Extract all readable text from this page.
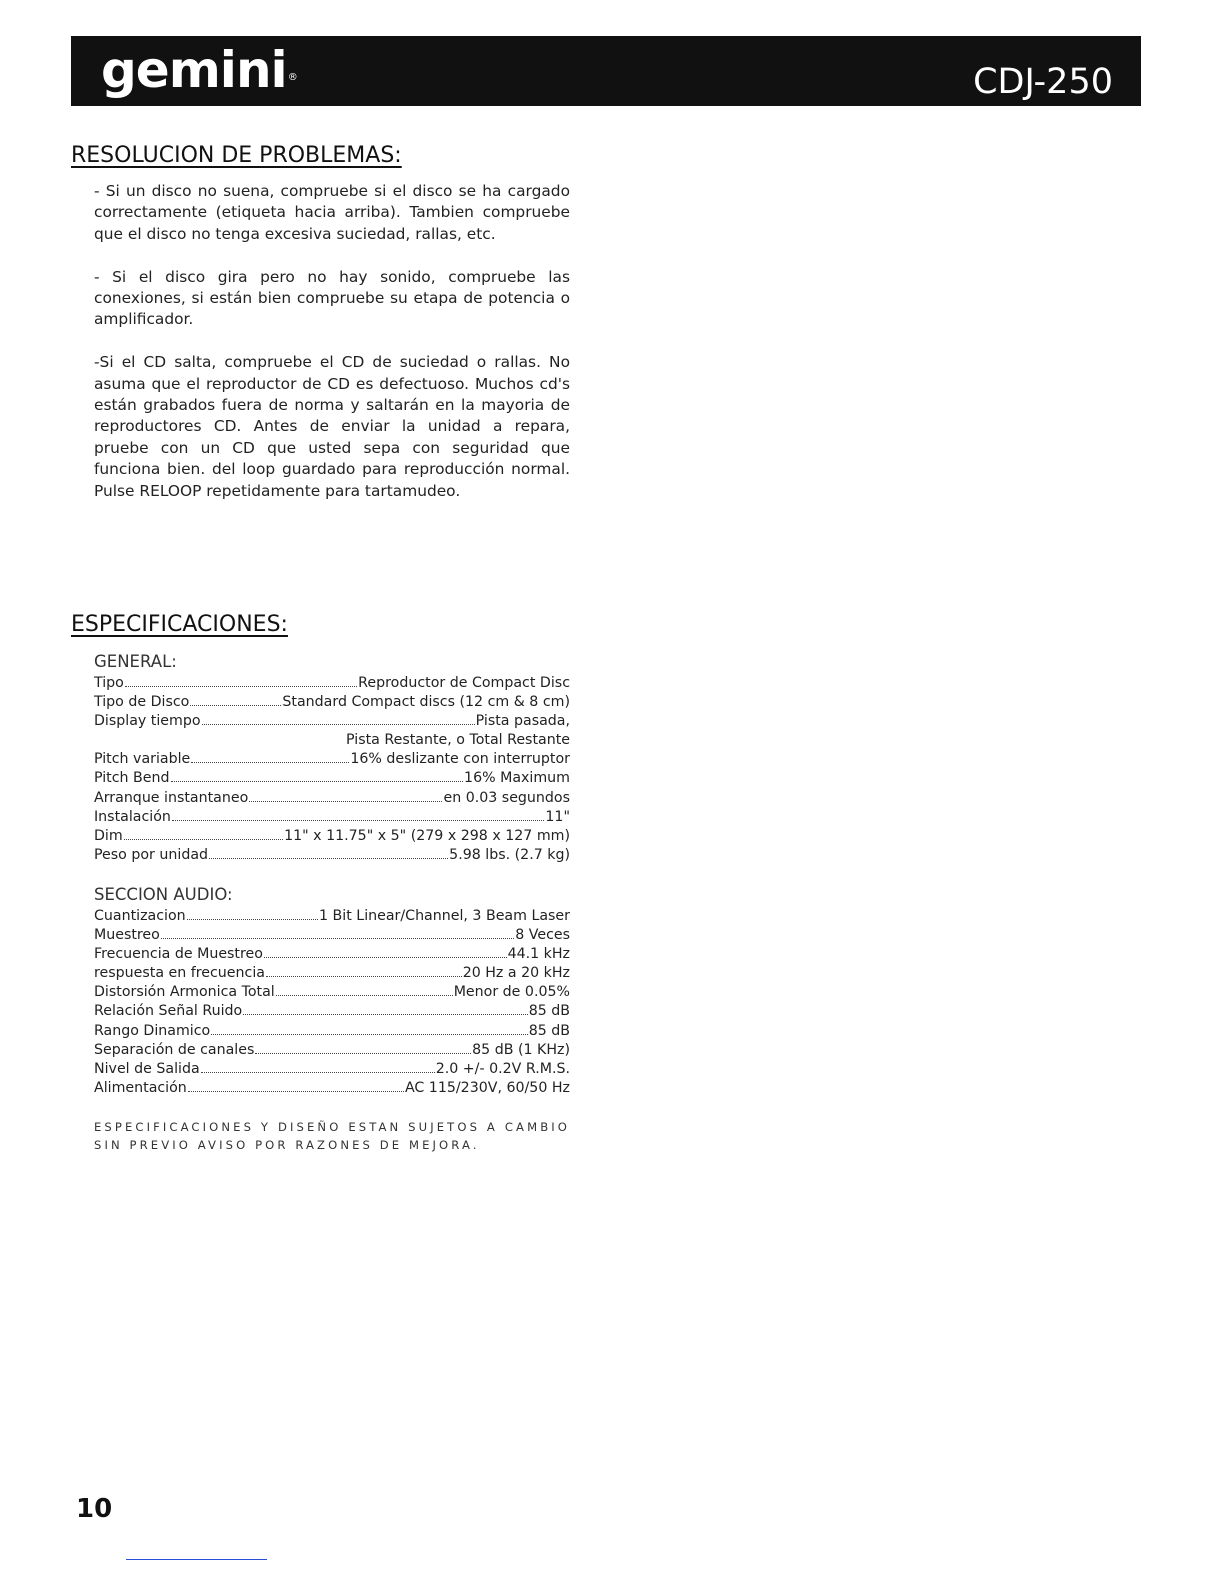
gemini®	CDJ-250
RESOLUCION DE PROBLEMAS:

- Si un disco no suena, compruebe si el disco se ha cargado correctamente (etiqueta hacia arriba). Tambien compruebe que el disco no tenga excesiva suciedad, rallas, etc.

- Si el disco gira pero no hay sonido, compruebe las conexiones, si están bien compruebe su etapa de potencia o amplificador.

-Si el CD salta, compruebe el CD de suciedad o rallas. No asuma que el reproductor de CD es defectuoso. Muchos cd's están grabados fuera de norma y saltarán en la mayoria de reproductores CD. Antes de enviar la unidad a repara, pruebe con un CD que usted sepa con seguridad que funciona bien. del loop guardado para reproducción normal. Pulse RELOOP repetidamente para tartamudeo.

ESPECIFICACIONES:
GENERAL:
Tipo	Reproductor de Compact Disc
Tipo de Disco	Standard Compact discs (12 cm & 8 cm)
Display tiempo	Pista pasada,
Pista Restante, o Total Restante
Pitch variable	16% deslizante con interruptor
Pitch Bend	16% Maximum
Arranque instantaneo	en 0.03 segundos
Instalación	11"
Dim	11" x 11.75" x 5" (279 x 298 x 127 mm)
Peso por unidad	5.98 lbs. (2.7 kg)
SECCION AUDIO:
Cuantizacion	1 Bit Linear/Channel, 3 Beam Laser
Muestreo	8 Veces
Frecuencia de Muestreo	44.1 kHz
respuesta en frecuencia	20 Hz a 20 kHz
Distorsión Armonica Total	Menor de 0.05%
Relación Señal Ruido	85 dB
Rango Dinamico	85 dB
Separación de canales	85 dB (1 KHz)
Nivel de Salida	2.0 +/- 0.2V R.M.S.
Alimentación	AC 115/230V, 60/50 Hz
ESPECIFICACIONES Y DISEÑO ESTAN SUJETOS A CAMBIO SIN PREVIO AVISO POR RAZONES DE MEJORA.
10
